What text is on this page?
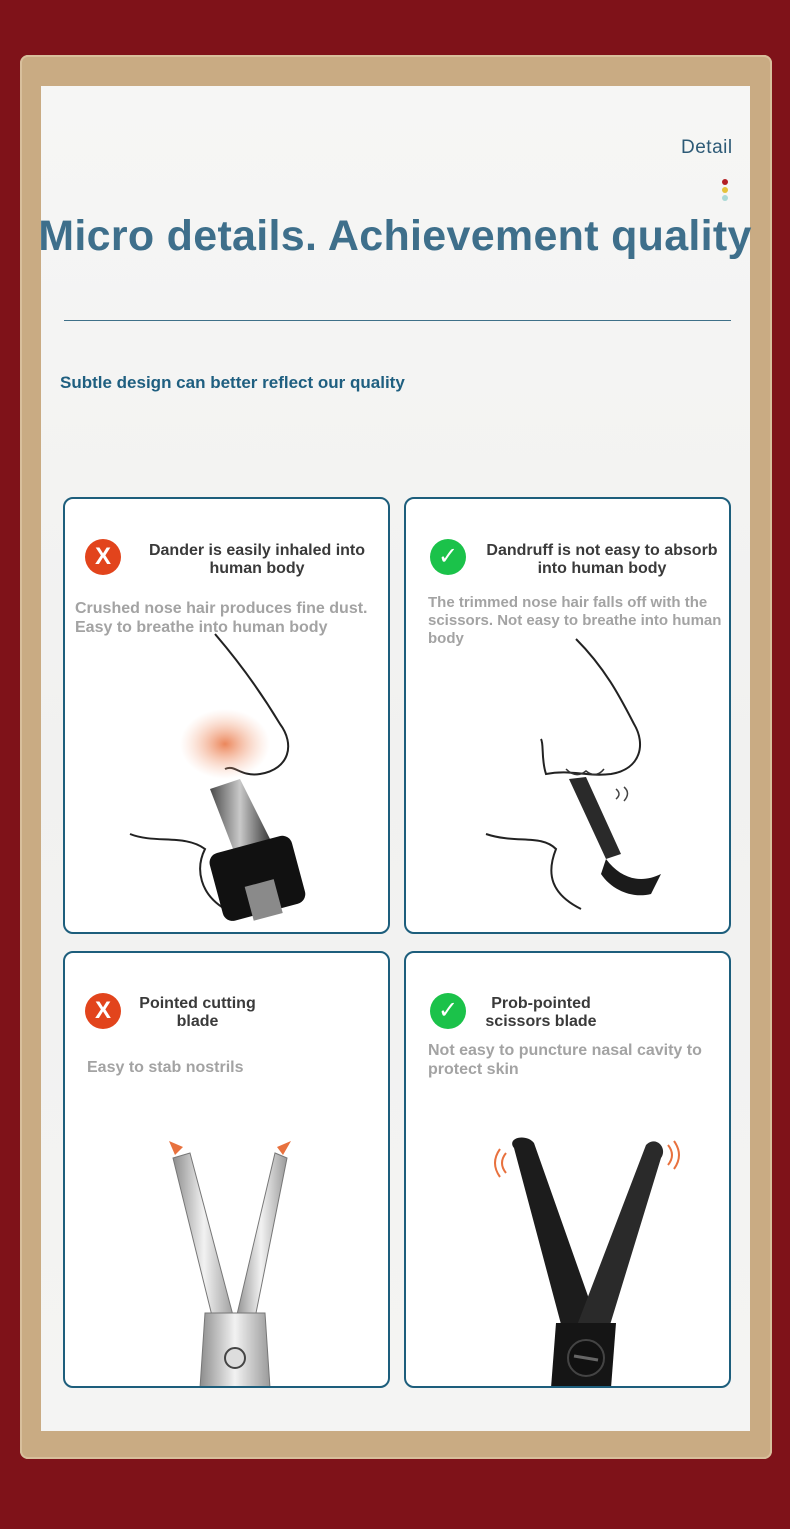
Detail
Micro details. Achievement quality
Subtle design can better reflect our quality
X	Dander is easily inhaled into human body
Crushed nose hair produces fine dust. Easy to breathe into human body
✓	Dandruff is not easy to absorb into human body
The trimmed nose hair falls off with the scissors. Not easy to breathe into human body
X	Pointed cutting blade
Easy to stab nostrils
✓	Prob-pointed scissors blade
Not easy to puncture nasal cavity to protect skin
